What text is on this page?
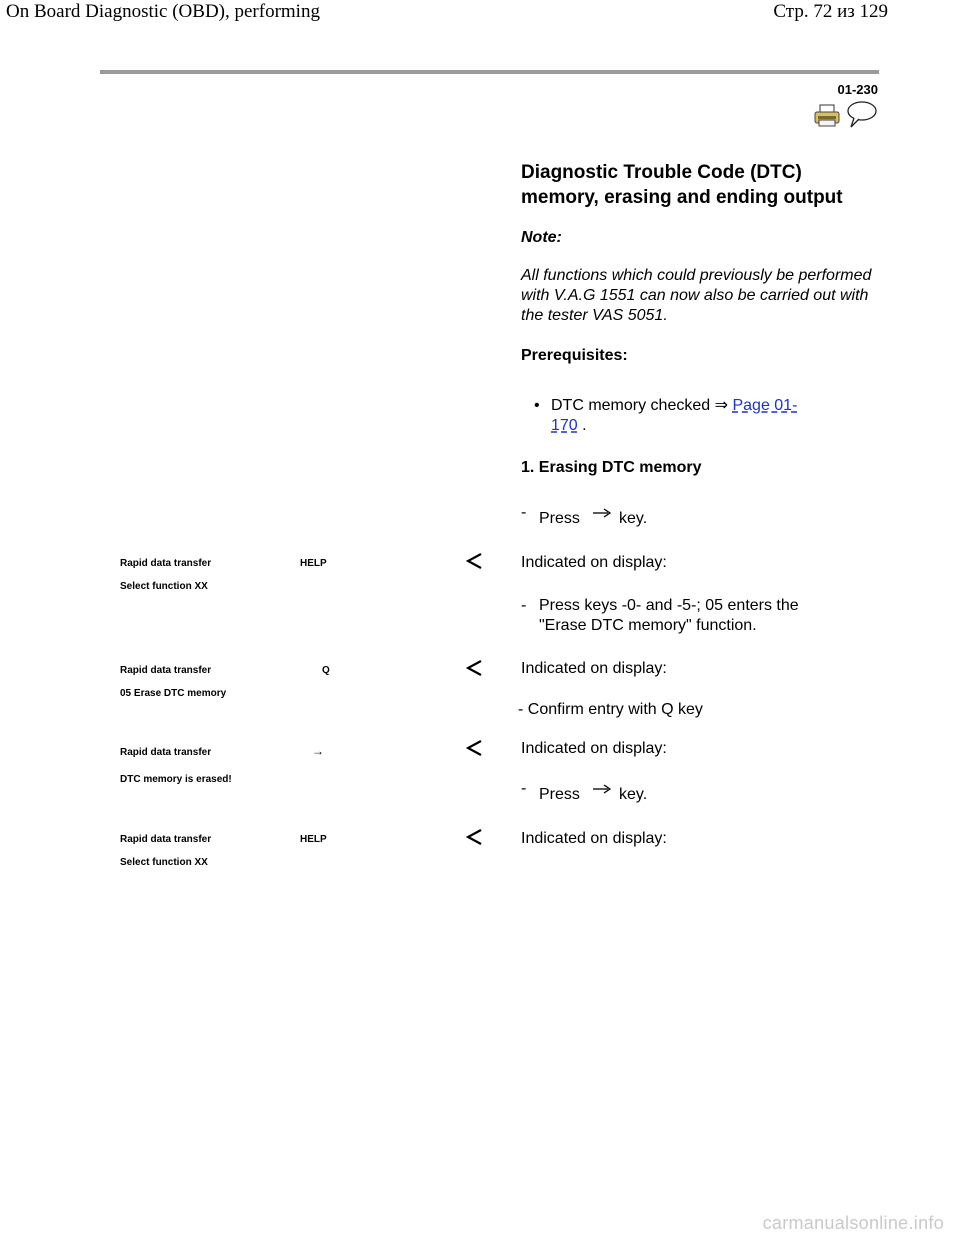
On Board Diagnostic (OBD), performing	Стр. 72 из 129
01-230
Diagnostic Trouble Code (DTC) memory, erasing and ending output
Note:
All functions which could previously be performed with V.A.G 1551 can now also be carried out with the tester VAS 5051.
Prerequisites:
• DTC memory checked ⇒ Page 01-
170 .
1. Erasing DTC memory
- Press key.
Rapid data transfer	HELP
Select function XX
Indicated on display:
- Press keys -0- and -5-; 05 enters the
"Erase DTC memory" function.
Rapid data transfer	Q
05 Erase DTC memory
Indicated on display:
- Confirm entry with Q key
Rapid data transfer	→
DTC memory is erased!
Indicated on display:
- Press key.
Rapid data transfer	HELP
Select function XX
Indicated on display:
carmanualsonline.info
